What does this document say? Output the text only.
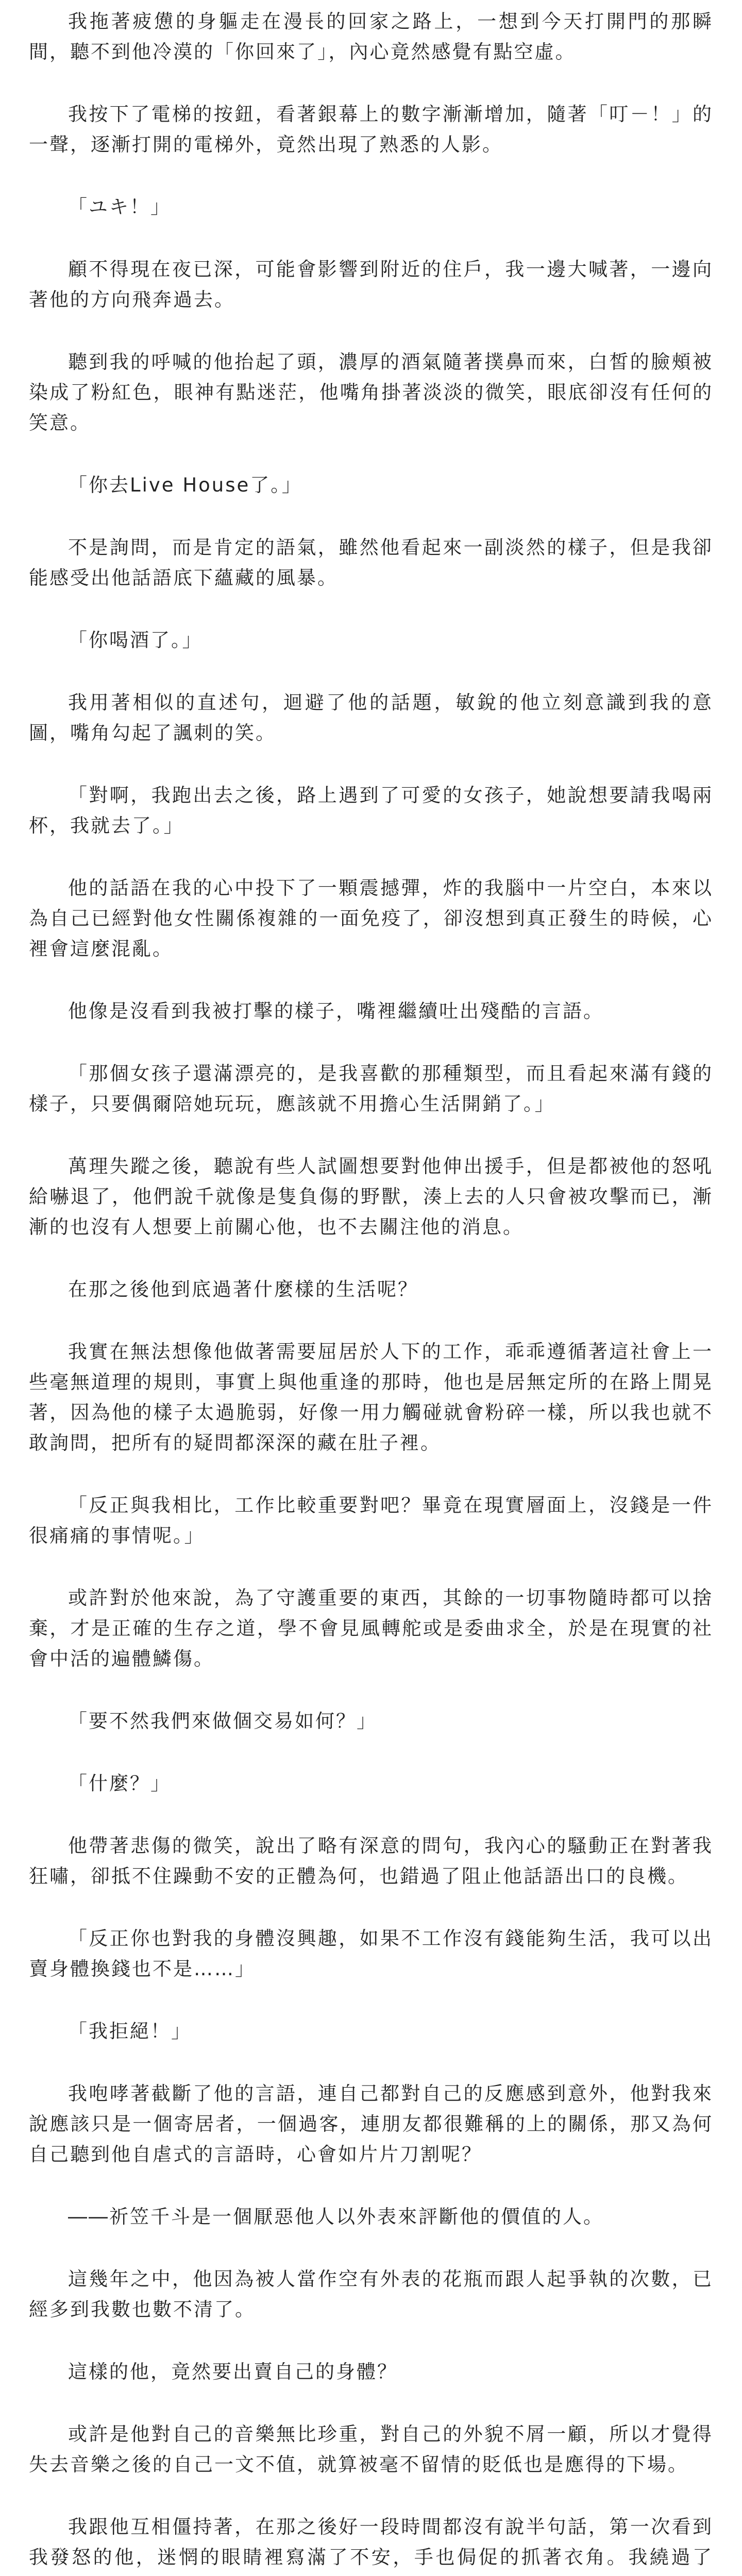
我拖著疲憊的身軀走在漫長的回家之路上，一想到今天打開門的那瞬間，聽不到他冷漠的「你回來了」，內心竟然感覺有點空虛。

我按下了電梯的按鈕，看著銀幕上的數字漸漸增加，隨著「叮－！」的一聲，逐漸打開的電梯外，竟然出現了熟悉的人影。

「ユキ！」

顧不得現在夜已深，可能會影響到附近的住戶，我一邊大喊著，一邊向著他的方向飛奔過去。

聽到我的呼喊的他抬起了頭，濃厚的酒氣隨著撲鼻而來，白皙的臉頰被染成了粉紅色，眼神有點迷茫，他嘴角掛著淡淡的微笑，眼底卻沒有任何的笑意。

「你去Live House了。」

不是詢問，而是肯定的語氣，雖然他看起來一副淡然的樣子，但是我卻能感受出他話語底下蘊藏的風暴。

「你喝酒了。」

我用著相似的直述句，迴避了他的話題，敏銳的他立刻意識到我的意圖，嘴角勾起了諷刺的笑。

「對啊，我跑出去之後，路上遇到了可愛的女孩子，她說想要請我喝兩杯，我就去了。」

他的話語在我的心中投下了一顆震撼彈，炸的我腦中一片空白，本來以為自己已經對他女性關係複雜的一面免疫了，卻沒想到真正發生的時候，心裡會這麼混亂。

他像是沒看到我被打擊的樣子，嘴裡繼續吐出殘酷的言語。

「那個女孩子還滿漂亮的，是我喜歡的那種類型，而且看起來滿有錢的樣子，只要偶爾陪她玩玩，應該就不用擔心生活開銷了。」

萬理失蹤之後，聽說有些人試圖想要對他伸出援手，但是都被他的怒吼給嚇退了，他們說千就像是隻負傷的野獸，湊上去的人只會被攻擊而已，漸漸的也沒有人想要上前關心他，也不去關注他的消息。

在那之後他到底過著什麼樣的生活呢？

我實在無法想像他做著需要屈居於人下的工作，乖乖遵循著這社會上一些毫無道理的規則，事實上與他重逢的那時，他也是居無定所的在路上閒晃著，因為他的樣子太過脆弱，好像一用力觸碰就會粉碎一樣，所以我也就不敢詢問，把所有的疑問都深深的藏在肚子裡。

「反正與我相比，工作比較重要對吧？畢竟在現實層面上，沒錢是一件很痛痛的事情呢。」

或許對於他來說，為了守護重要的東西，其餘的一切事物隨時都可以捨棄，才是正確的生存之道，學不會見風轉舵或是委曲求全，於是在現實的社會中活的遍體鱗傷。

「要不然我們來做個交易如何？」

「什麼？」

他帶著悲傷的微笑，說出了略有深意的問句，我內心的騷動正在對著我狂嘯，卻抵不住躁動不安的正體為何，也錯過了阻止他話語出口的良機。

「反正你也對我的身體沒興趣，如果不工作沒有錢能夠生活，我可以出賣身體換錢也不是……」

「我拒絕！」

我咆哮著截斷了他的言語，連自己都對自己的反應感到意外，他對我來說應該只是一個寄居者，一個過客，連朋友都很難稱的上的關係，那又為何自己聽到他自虐式的言語時，心會如片片刀割呢？

――祈笠千斗是一個厭惡他人以外表來評斷他的價值的人。

這幾年之中，他因為被人當作空有外表的花瓶而跟人起爭執的次數，已經多到我數也數不清了。

這樣的他，竟然要出賣自己的身體？

或許是他對自己的音樂無比珍重，對自己的外貌不屑一顧，所以才覺得失去音樂之後的自己一文不值，就算被毫不留情的貶低也是應得的下場。

我跟他互相僵持著，在那之後好一段時間都沒有說半句話，第一次看到我發怒的他，迷惘的眼睛裡寫滿了不安，手也侷促的抓著衣角。我繞過了
